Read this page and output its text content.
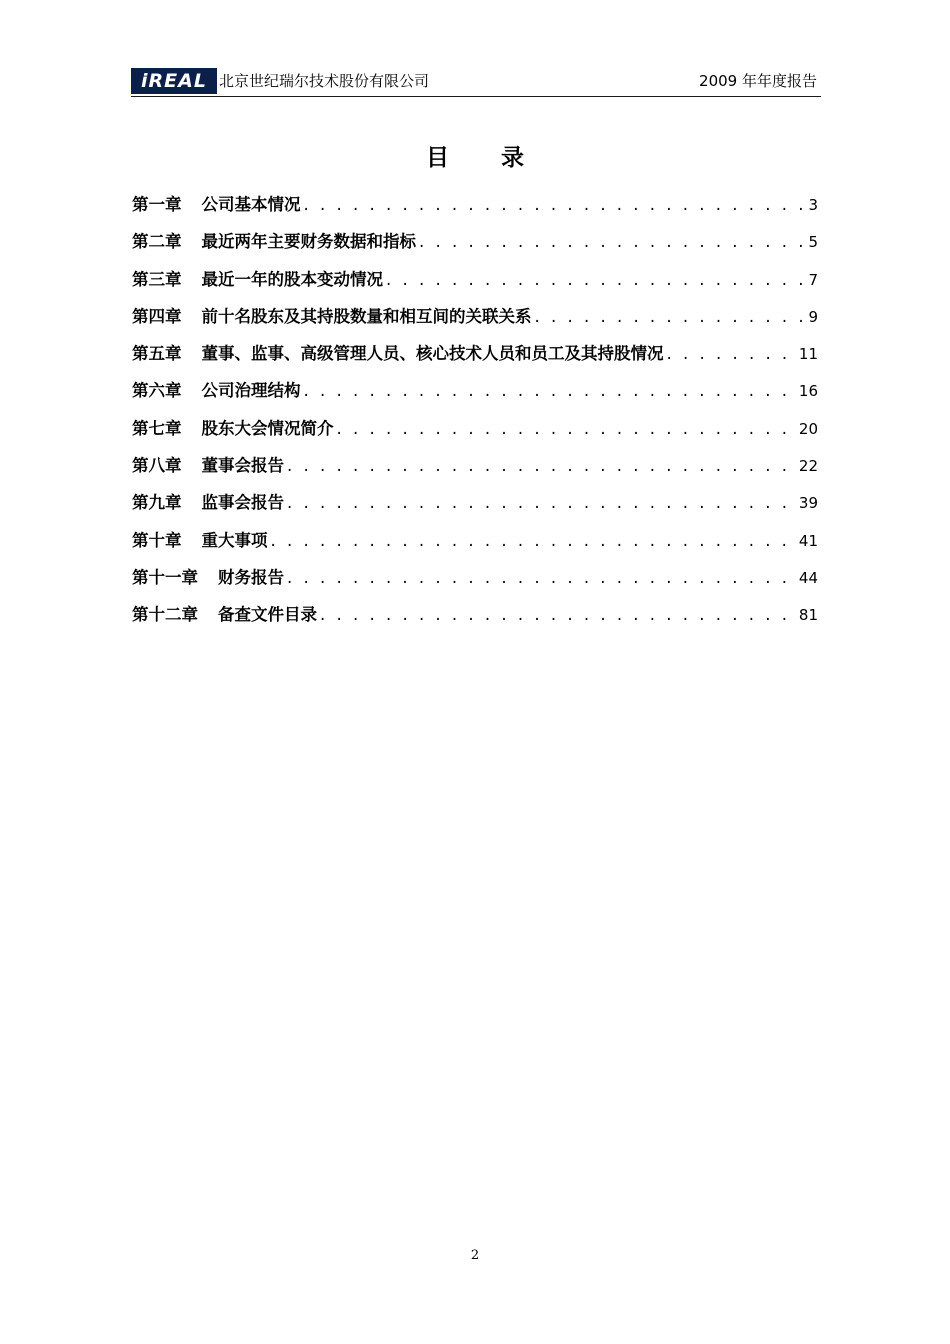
iREAL 北京世纪瑞尔技术股份有限公司	2009 年年度报告
目 录
第一章 公司基本情况 . . .	3
第二章 最近两年主要财务数据和指标 . . .	5
第三章 最近一年的股本变动情况 . . .	7
第四章 前十名股东及其持股数量和相互间的关联关系 . . .	9
第五章 董事、监事、高级管理人员、核心技术人员和员工及其持股情况 . . .	11
第六章 公司治理结构 . . .	16
第七章 股东大会情况简介 . . .	20
第八章 董事会报告 . . .	22
第九章 监事会报告 . . .	39
第十章 重大事项 . . .	41
第十一章 财务报告 . . .	44
第十二章 备查文件目录 . . .	81
2
